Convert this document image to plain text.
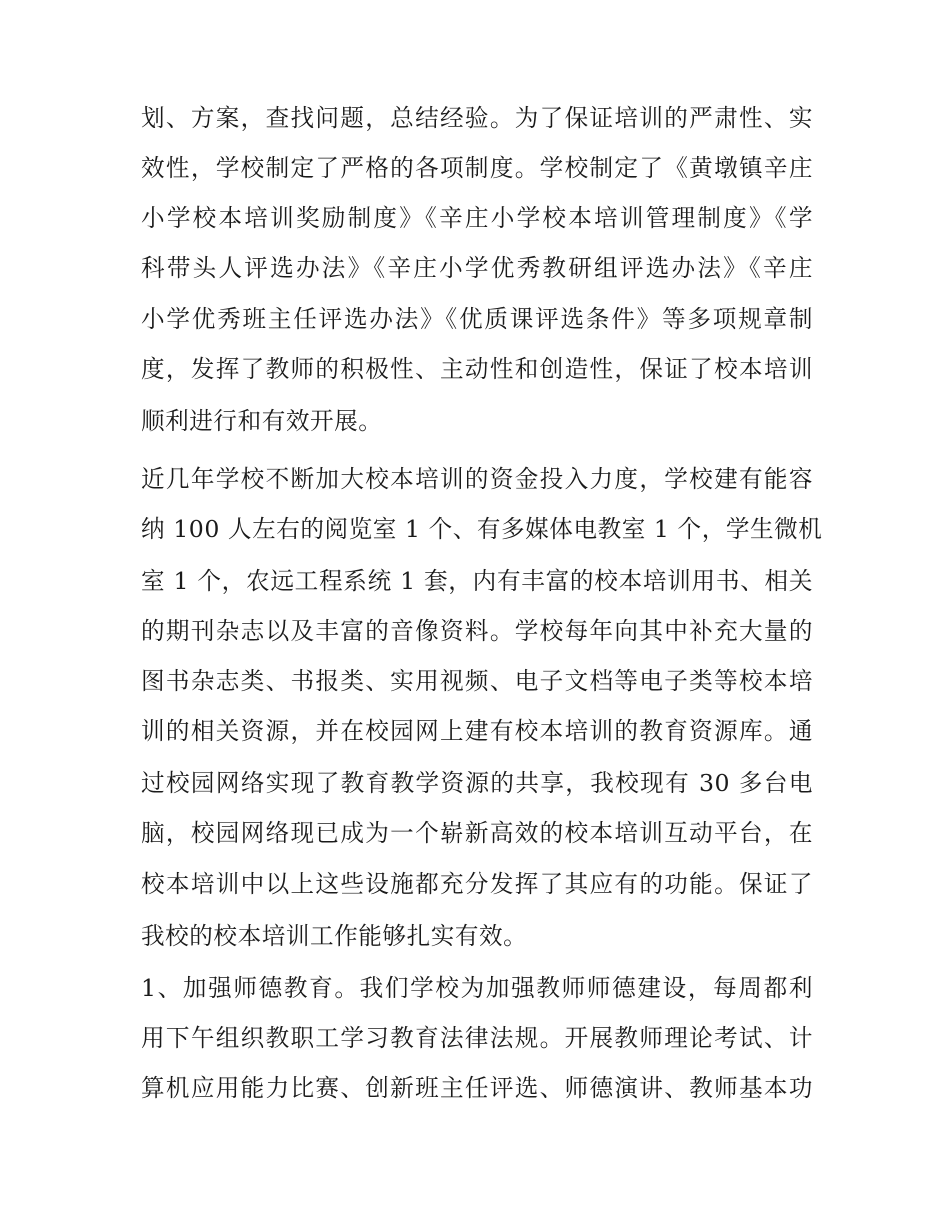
划、方案，查找问题，总结经验。为了保证培训的严肃性、实
效性，学校制定了严格的各项制度。学校制定了《黄墩镇辛庄
小学校本培训奖励制度》《辛庄小学校本培训管理制度》《学
科带头人评选办法》《辛庄小学优秀教研组评选办法》《辛庄
小学优秀班主任评选办法》《优质课评选条件》等多项规章制
度，发挥了教师的积极性、主动性和创造性，保证了校本培训
顺利进行和有效开展。
近几年学校不断加大校本培训的资金投入力度，学校建有能容
纳 100 人左右的阅览室 1 个、有多媒体电教室 1 个，学生微机
室 1 个，农远工程系统 1 套，内有丰富的校本培训用书、相关
的期刊杂志以及丰富的音像资料。学校每年向其中补充大量的
图书杂志类、书报类、实用视频、电子文档等电子类等校本培
训的相关资源，并在校园网上建有校本培训的教育资源库。通
过校园网络实现了教育教学资源的共享，我校现有 30 多台电
脑，校园网络现已成为一个崭新高效的校本培训互动平台，在
校本培训中以上这些设施都充分发挥了其应有的功能。保证了
我校的校本培训工作能够扎实有效。
1、加强师德教育。我们学校为加强教师师德建设，每周都利
用下午组织教职工学习教育法律法规。开展教师理论考试、计
算机应用能力比赛、创新班主任评选、师德演讲、教师基本功
